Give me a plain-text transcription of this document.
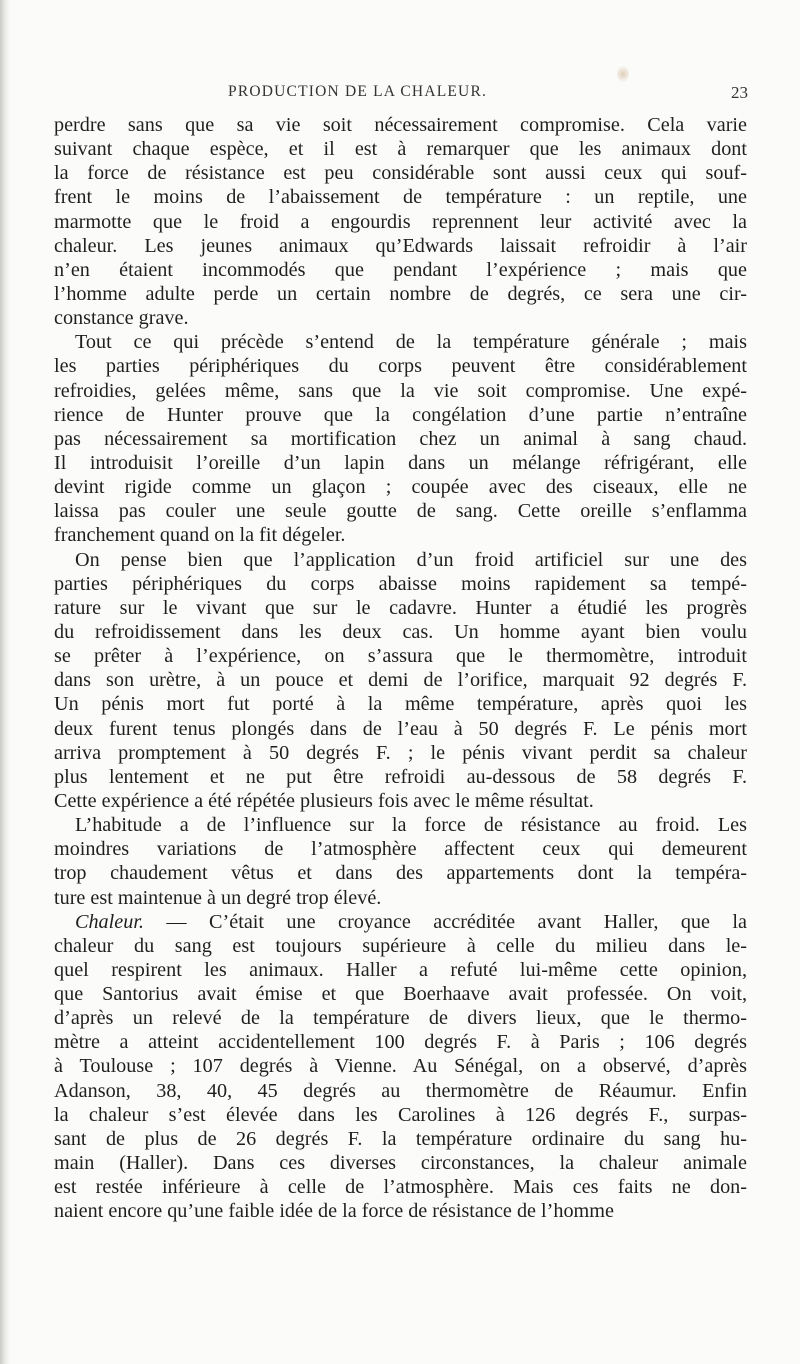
PRODUCTION DE LA CHALEUR.	23
perdre sans que sa vie soit nécessairement compromise. Cela varie
suivant chaque espèce, et il est à remarquer que les animaux dont
la force de résistance est peu considérable sont aussi ceux qui souf-
frent le moins de l’abaissement de température : un reptile, une
marmotte que le froid a engourdis reprennent leur activité avec la
chaleur. Les jeunes animaux qu’Edwards laissait refroidir à l’air
n’en étaient incommodés que pendant l’expérience ; mais que
l’homme adulte perde un certain nombre de degrés, ce sera une cir-
constance grave.
Tout ce qui précède s’entend de la température générale ; mais
les parties périphériques du corps peuvent être considérablement
refroidies, gelées même, sans que la vie soit compromise. Une expé-
rience de Hunter prouve que la congélation d’une partie n’entraîne
pas nécessairement sa mortification chez un animal à sang chaud.
Il introduisit l’oreille d’un lapin dans un mélange réfrigérant, elle
devint rigide comme un glaçon ; coupée avec des ciseaux, elle ne
laissa pas couler une seule goutte de sang. Cette oreille s’enflamma
franchement quand on la fit dégeler.
On pense bien que l’application d’un froid artificiel sur une des
parties périphériques du corps abaisse moins rapidement sa tempé-
rature sur le vivant que sur le cadavre. Hunter a étudié les progrès
du refroidissement dans les deux cas. Un homme ayant bien voulu
se prêter à l’expérience, on s’assura que le thermomètre, introduit
dans son urètre, à un pouce et demi de l’orifice, marquait 92 degrés F.
Un pénis mort fut porté à la même température, après quoi les
deux furent tenus plongés dans de l’eau à 50 degrés F. Le pénis mort
arriva promptement à 50 degrés F. ; le pénis vivant perdit sa chaleur
plus lentement et ne put être refroidi au-dessous de 58 degrés F.
Cette expérience a été répétée plusieurs fois avec le même résultat.
L’habitude a de l’influence sur la force de résistance au froid. Les
moindres variations de l’atmosphère affectent ceux qui demeurent
trop chaudement vêtus et dans des appartements dont la tempéra-
ture est maintenue à un degré trop élevé.
Chaleur. — C’était une croyance accréditée avant Haller, que la
chaleur du sang est toujours supérieure à celle du milieu dans le-
quel respirent les animaux. Haller a refuté lui-même cette opinion,
que Santorius avait émise et que Boerhaave avait professée. On voit,
d’après un relevé de la température de divers lieux, que le thermo-
mètre a atteint accidentellement 100 degrés F. à Paris ; 106 degrés
à Toulouse ; 107 degrés à Vienne. Au Sénégal, on a observé, d’après
Adanson, 38, 40, 45 degrés au thermomètre de Réaumur. Enfin
la chaleur s’est élevée dans les Carolines à 126 degrés F., surpas-
sant de plus de 26 degrés F. la température ordinaire du sang hu-
main (Haller). Dans ces diverses circonstances, la chaleur animale
est restée inférieure à celle de l’atmosphère. Mais ces faits ne don-
naient encore qu’une faible idée de la force de résistance de l’homme
